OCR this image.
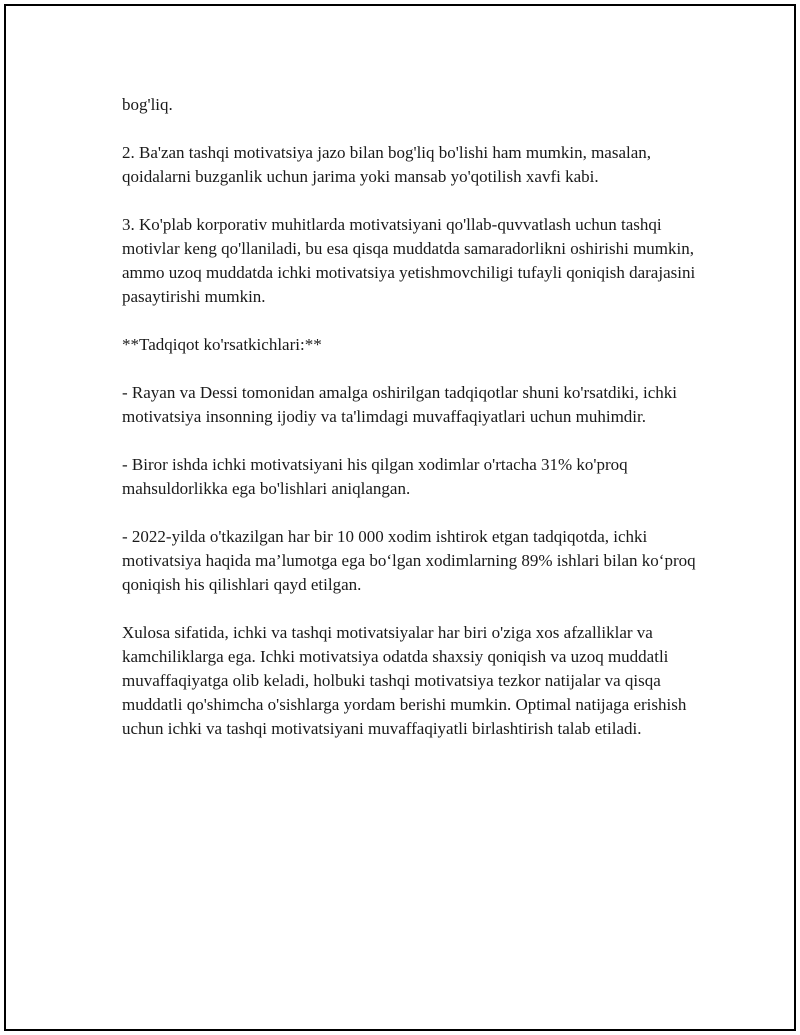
bog'liq.

2. Ba'zan tashqi motivatsiya jazo bilan bog'liq bo'lishi ham mumkin, masalan, qoidalarni buzganlik uchun jarima yoki mansab yo'qotilish xavfi kabi.

3. Ko'plab korporativ muhitlarda motivatsiyani qo'llab-quvvatlash uchun tashqi motivlar keng qo'llaniladi, bu esa qisqa muddatda samaradorlikni oshirishi mumkin, ammo uzoq muddatda ichki motivatsiya yetishmovchiligi tufayli qoniqish darajasini pasaytirishi mumkin.

**Tadqiqot ko'rsatkichlari:**

- Rayan va Dessi tomonidan amalga oshirilgan tadqiqotlar shuni ko'rsatdiki, ichki motivatsiya insonning ijodiy va ta'limdagi muvaffaqiyatlari uchun muhimdir.

- Biror ishda ichki motivatsiyani his qilgan xodimlar o'rtacha 31% ko'proq mahsuldorlikka ega bo'lishlari aniqlangan.

- 2022-yilda o'tkazilgan har bir 10 000 xodim ishtirok etgan tadqiqotda, ichki motivatsiya haqida ma’lumotga ega bo‘lgan xodimlarning 89% ishlari bilan ko‘proq qoniqish his qilishlari qayd etilgan.

Xulosa sifatida, ichki va tashqi motivatsiyalar har biri o'ziga xos afzalliklar va kamchiliklarga ega. Ichki motivatsiya odatda shaxsiy qoniqish va uzoq muddatli muvaffaqiyatga olib keladi, holbuki tashqi motivatsiya tezkor natijalar va qisqa muddatli qo'shimcha o'sishlarga yordam berishi mumkin. Optimal natijaga erishish uchun ichki va tashqi motivatsiyani muvaffaqiyatli birlashtirish talab etiladi.
